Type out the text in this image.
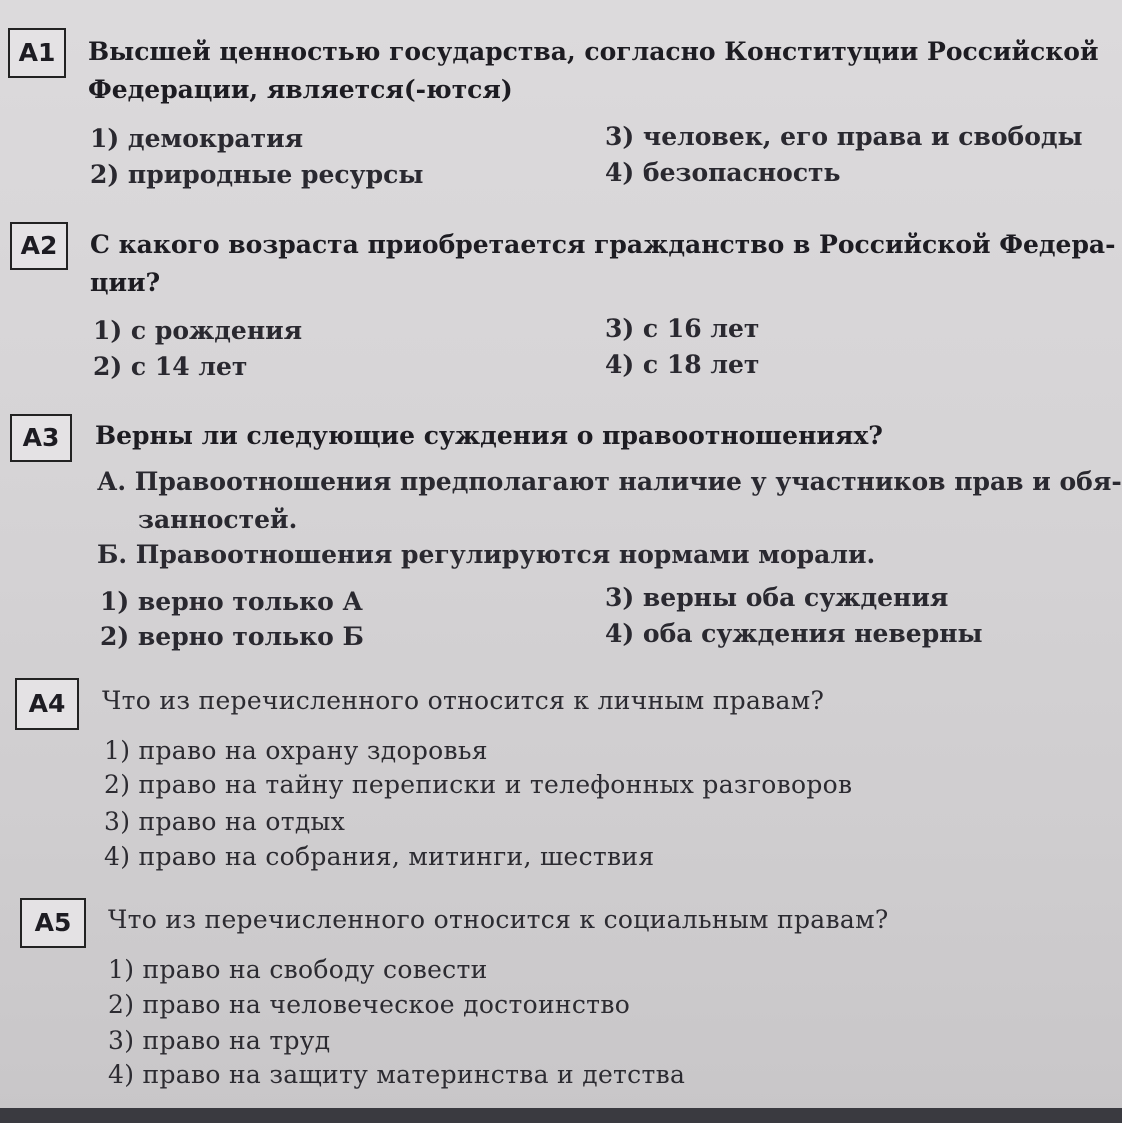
A1	Высшей ценностью государства, согласно Конституции Российской
Федерации, является(-ются)
1) демократия
2) природные ресурсы
3) человек, его права и свободы
4) безопасность
A2	С какого возраста приобретается гражданство в Российской Федера-
ции?
1) с рождения
2) с 14 лет
3) с 16 лет
4) с 18 лет
A3	Верны ли следующие суждения о правоотношениях?
А. Правоотношения предполагают наличие у участников прав и обя-
занностей.
Б. Правоотношения регулируются нормами морали.
1) верно только А
2) верно только Б
3) верны оба суждения
4) оба суждения неверны
A4	Что из перечисленного относится к личным правам?
1) право на охрану здоровья
2) право на тайну переписки и телефонных разговоров
3) право на отдых
4) право на собрания, митинги, шествия
A5	Что из перечисленного относится к социальным правам?
1) право на свободу совести
2) право на человеческое достоинство
3) право на труд
4) право на защиту материнства и детства
